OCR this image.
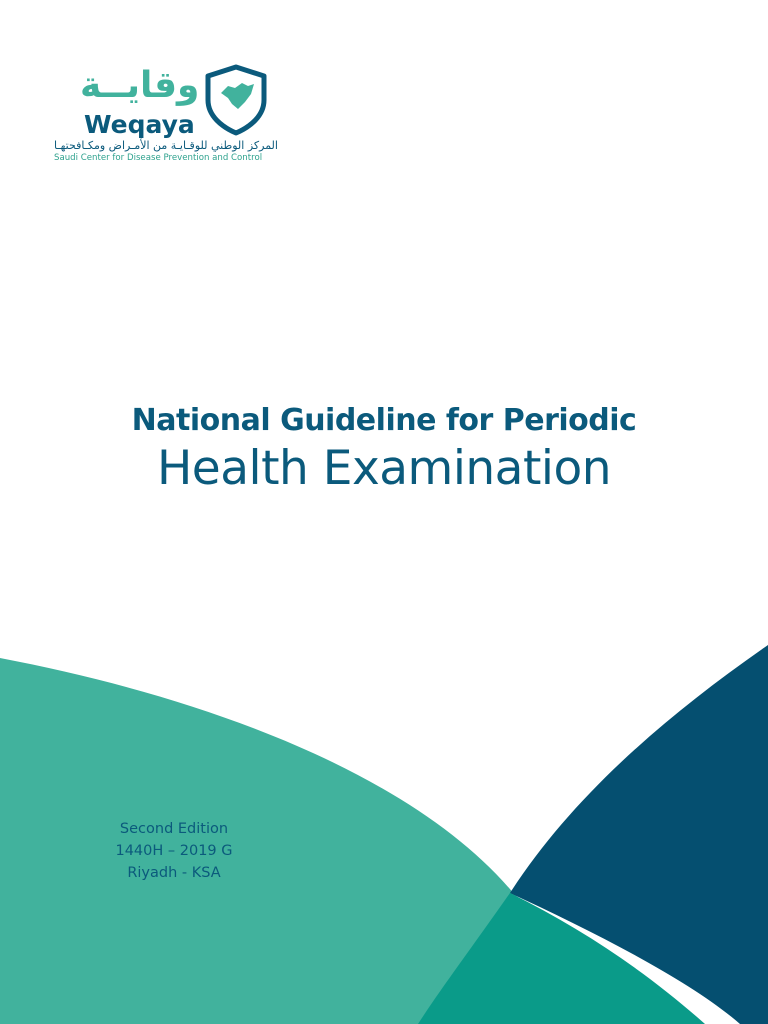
وقايــة
Weqaya
المركز الوطني للوقـايـة من الأمـراض ومكـافحتهـا
Saudi Center for Disease Prevention and Control
National Guideline for Periodic
Health Examination
Second Edition
1440H – 2019 G
Riyadh - KSA
